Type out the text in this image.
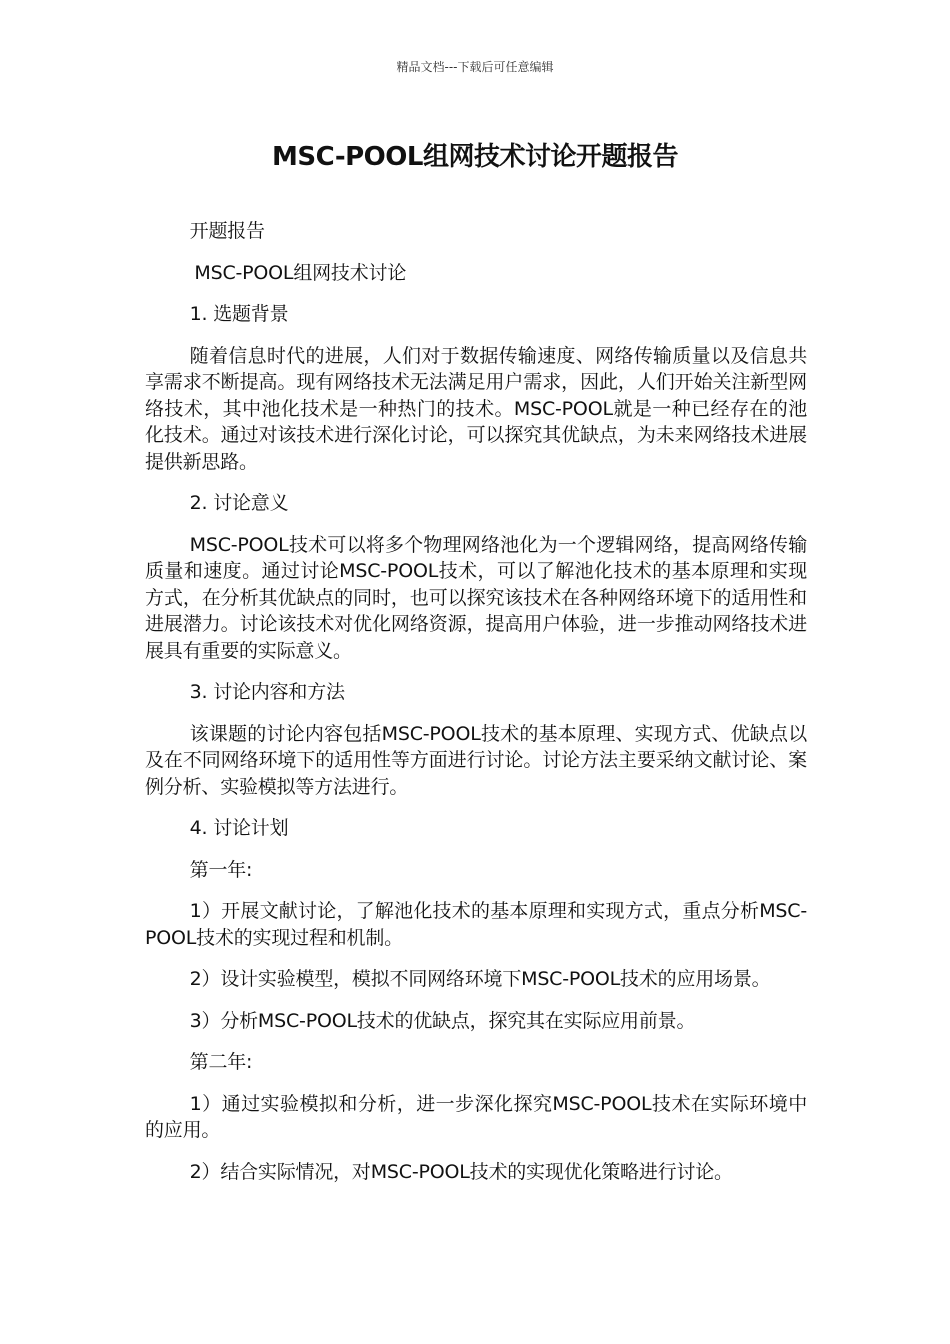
精品文档---下载后可任意编辑
MSC-POOL组网技术讨论开题报告

开题报告

MSC-POOL组网技术讨论

1. 选题背景

随着信息时代的进展，人们对于数据传输速度、网络传输质量以及信息共享需求不断提高。现有网络技术无法满足用户需求，因此，人们开始关注新型网络技术，其中池化技术是一种热门的技术。MSC-POOL就是一种已经存在的池化技术。通过对该技术进行深化讨论，可以探究其优缺点，为未来网络技术进展提供新思路。

2. 讨论意义

MSC-POOL技术可以将多个物理网络池化为一个逻辑网络，提高网络传输质量和速度。通过讨论MSC-POOL技术，可以了解池化技术的基本原理和实现方式，在分析其优缺点的同时，也可以探究该技术在各种网络环境下的适用性和进展潜力。讨论该技术对优化网络资源，提高用户体验，进一步推动网络技术进展具有重要的实际意义。

3. 讨论内容和方法

该课题的讨论内容包括MSC-POOL技术的基本原理、实现方式、优缺点以及在不同网络环境下的适用性等方面进行讨论。讨论方法主要采纳文献讨论、案例分析、实验模拟等方法进行。

4. 讨论计划

第一年:

1）开展文献讨论，了解池化技术的基本原理和实现方式，重点分析MSC-POOL技术的实现过程和机制。

2）设计实验模型，模拟不同网络环境下MSC-POOL技术的应用场景。

3）分析MSC-POOL技术的优缺点，探究其在实际应用前景。

第二年:

1）通过实验模拟和分析，进一步深化探究MSC-POOL技术在实际环境中的应用。

2）结合实际情况，对MSC-POOL技术的实现优化策略进行讨论。
